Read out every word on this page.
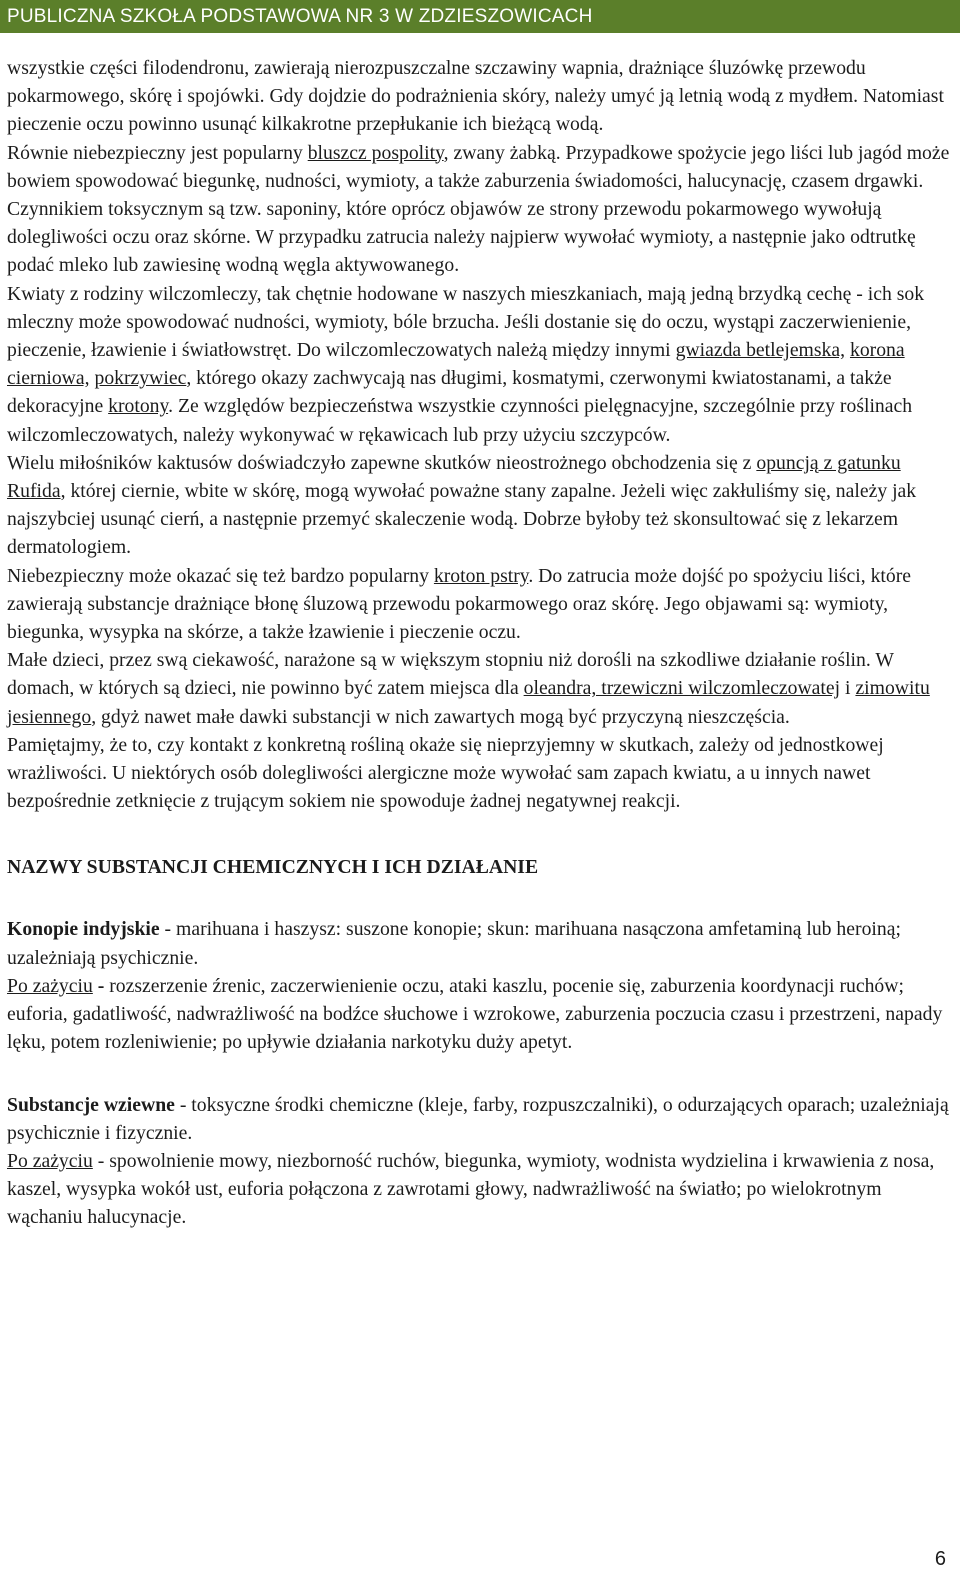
PUBLICZNA SZKOŁA PODSTAWOWA NR 3 W ZDZIESZOWICACH

wszystkie części filodendronu, zawierają nierozpuszczalne szczawiny wapnia, drażniące śluzówkę przewodu pokarmowego, skórę i spojówki. Gdy dojdzie do podrażnienia skóry, należy umyć ją letnią wodą z mydłem. Natomiast pieczenie oczu powinno usunąć kilkakrotne przepłukanie ich bieżącą wodą.

Równie niebezpieczny jest popularny bluszcz pospolity, zwany żabką. Przypadkowe spożycie jego liści lub jagód może bowiem spowodować biegunkę, nudności, wymioty, a także zaburzenia świadomości, halucynację, czasem drgawki. Czynnikiem toksycznym są tzw. saponiny, które oprócz objawów ze strony przewodu pokarmowego wywołują dolegliwości oczu oraz skórne. W przypadku zatrucia należy najpierw wywołać wymioty, a następnie jako odtrutkę podać mleko lub zawiesinę wodną węgla aktywowanego.

Kwiaty z rodziny wilczomleczy, tak chętnie hodowane w naszych mieszkaniach, mają jedną brzydką cechę - ich sok mleczny może spowodować nudności, wymioty, bóle brzucha. Jeśli dostanie się do oczu, wystąpi zaczerwienienie, pieczenie, łzawienie i światłowstręt. Do wilczomleczowatych należą między innymi gwiazda betlejemska, korona cierniowa, pokrzywiec, którego okazy zachwycają nas długimi, kosmatymi, czerwonymi kwiatostanami, a także dekoracyjne krotony. Ze względów bezpieczeństwa wszystkie czynności pielęgnacyjne, szczególnie przy roślinach wilczomleczowatych, należy wykonywać w rękawicach lub przy użyciu szczypców.

Wielu miłośników kaktusów doświadczyło zapewne skutków nieostrożnego obchodzenia się z opuncją z gatunku Rufida, której ciernie, wbite w skórę, mogą wywołać poważne stany zapalne. Jeżeli więc zakłuliśmy się, należy jak najszybciej usunąć cierń, a następnie przemyć skaleczenie wodą. Dobrze byłoby też skonsultować się z lekarzem dermatologiem.

Niebezpieczny może okazać się też bardzo popularny kroton pstry. Do zatrucia może dojść po spożyciu liści, które zawierają substancje drażniące błonę śluzową przewodu pokarmowego oraz skórę. Jego objawami są: wymioty, biegunka, wysypka na skórze, a także łzawienie i pieczenie oczu.

Małe dzieci, przez swą ciekawość, narażone są w większym stopniu niż dorośli na szkodliwe działanie roślin. W domach, w których są dzieci, nie powinno być zatem miejsca dla oleandra, trzewiczni wilczomleczowatej i zimowitu jesiennego, gdyż nawet małe dawki substancji w nich zawartych mogą być przyczyną nieszczęścia.

Pamiętajmy, że to, czy kontakt z konkretną rośliną okaże się nieprzyjemny w skutkach, zależy od jednostkowej wrażliwości. U niektórych osób dolegliwości alergiczne może wywołać sam zapach kwiatu, a u innych nawet bezpośrednie zetknięcie z trującym sokiem nie spowoduje żadnej negatywnej reakcji.

NAZWY SUBSTANCJI CHEMICZNYCH I ICH DZIAŁANIE

Konopie indyjskie - marihuana i haszysz: suszone konopie; skun: marihuana nasączona amfetaminą lub heroiną; uzależniają psychicznie.

Po zażyciu - rozszerzenie źrenic, zaczerwienienie oczu, ataki kaszlu, pocenie się, zaburzenia koordynacji ruchów; euforia, gadatliwość, nadwrażliwość na bodźce słuchowe i wzrokowe, zaburzenia poczucia czasu i przestrzeni, napady lęku, potem rozleniwienie; po upływie działania narkotyku duży apetyt.

Substancje wziewne - toksyczne środki chemiczne (kleje, farby, rozpuszczalniki), o odurzających oparach; uzależniają psychicznie i fizycznie.

Po zażyciu - spowolnienie mowy, niezborność ruchów, biegunka, wymioty, wodnista wydzielina i krwawienia z nosa, kaszel, wysypka wokół ust, euforia połączona z zawrotami głowy, nadwrażliwość na światło; po wielokrotnym wąchaniu halucynacje.

6
